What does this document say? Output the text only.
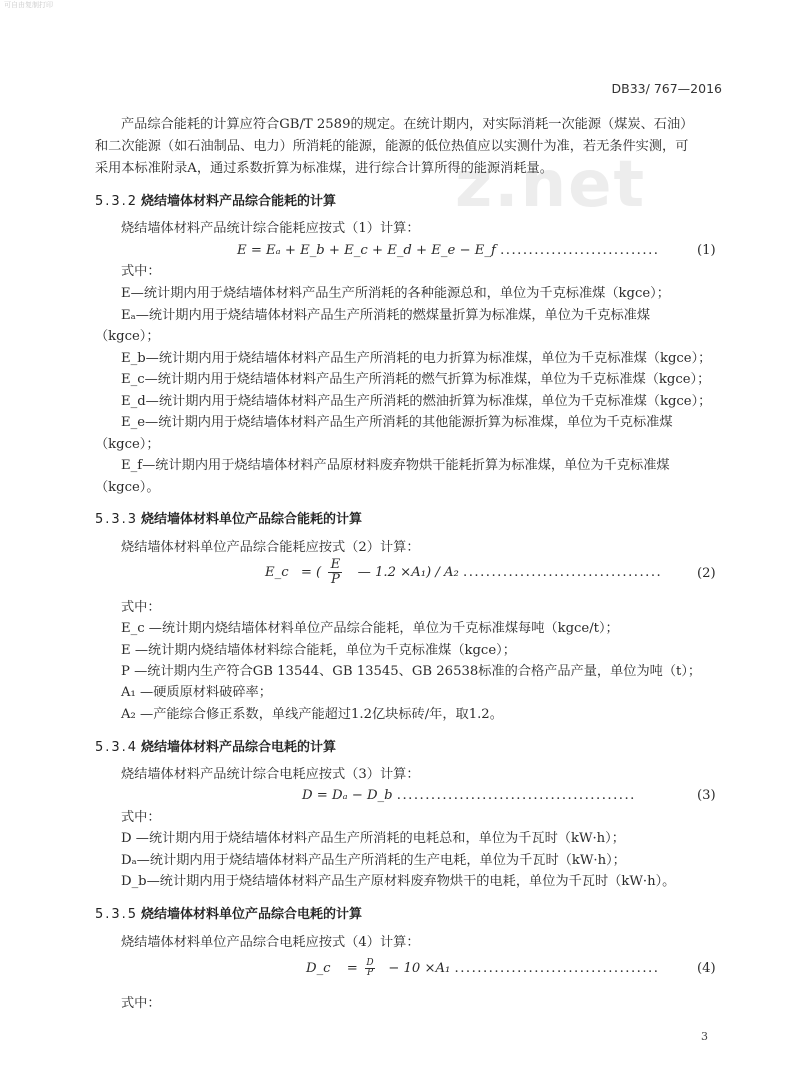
可自由复制打印
DB33/ 767—2016
z.net
产品综合能耗的计算应符合GB/T 2589的规定。在统计期内，对实际消耗一次能源（煤炭、石油）
和二次能源（如石油制品、电力）所消耗的能源，能源的低位热值应以实测什为准，若无条件实测，可
采用本标准附录A，通过系数折算为标准煤，进行综合计算所得的能源消耗量。
5.3.2 烧结墙体材料产品综合能耗的计算
烧结墙体材料产品统计综合能耗应按式（1）计算：
E = Eₐ + E_b + E_c + E_d + E_e − E_f ............................	(1)
式中：
E—统计期内用于烧结墙体材料产品生产所消耗的各种能源总和，单位为千克标准煤（kgce）；
Eₐ—统计期内用于烧结墙体材料产品生产所消耗的燃煤量折算为标准煤，单位为千克标准煤
（kgce）；
E_b—统计期内用于烧结墙体材料产品生产所消耗的电力折算为标准煤，单位为千克标准煤（kgce）；
E_c—统计期内用于烧结墙体材料产品生产所消耗的燃气折算为标准煤，单位为千克标准煤（kgce）；
E_d—统计期内用于烧结墙体材料产品生产所消耗的燃油折算为标准煤，单位为千克标准煤（kgce）；
E_e—统计期内用于烧结墙体材料产品生产所消耗的其他能源折算为标准煤，单位为千克标准煤
（kgce）；
E_f—统计期内用于烧结墙体材料产品原材料废弃物烘干能耗折算为标准煤，单位为千克标准煤
（kgce）。
5.3.3 烧结墙体材料单位产品综合能耗的计算
烧结墙体材料单位产品综合能耗应按式（2）计算：
E_c = ( $\frac{E}{P}$ — 1.2 ×A₁) / A₂ ...................................	(2)
式中：
E_c —统计期内烧结墙体材料单位产品综合能耗，单位为千克标准煤每吨（kgce/t）；
E —统计期内烧结墙体材料综合能耗，单位为千克标准煤（kgce）；
P —统计期内生产符合GB 13544、GB 13545、GB 26538标准的合格产品产量，单位为吨（t）；
A₁ —硬质原材料破碎率；
A₂ —产能综合修正系数，单线产能超过1.2亿块标砖/年，取1.2。
5.3.4 烧结墙体材料产品综合电耗的计算
烧结墙体材料产品统计综合电耗应按式（3）计算：
D = Dₐ − D_b ..........................................	(3)
式中：
D —统计期内用于烧结墙体材料产品生产所消耗的电耗总和，单位为千瓦时（kW·h）；
Dₐ—统计期内用于烧结墙体材料产品生产所消耗的生产电耗，单位为千瓦时（kW·h）；
D_b—统计期内用于烧结墙体材料产品生产原材料废弃物烘干的电耗，单位为千瓦时（kW·h）。
5.3.5 烧结墙体材料单位产品综合电耗的计算
烧结墙体材料单位产品综合电耗应按式（4）计算：
D_c = $\frac{D}{P} - 10 \times A_1$ ....................................	(4)
式中：
3
